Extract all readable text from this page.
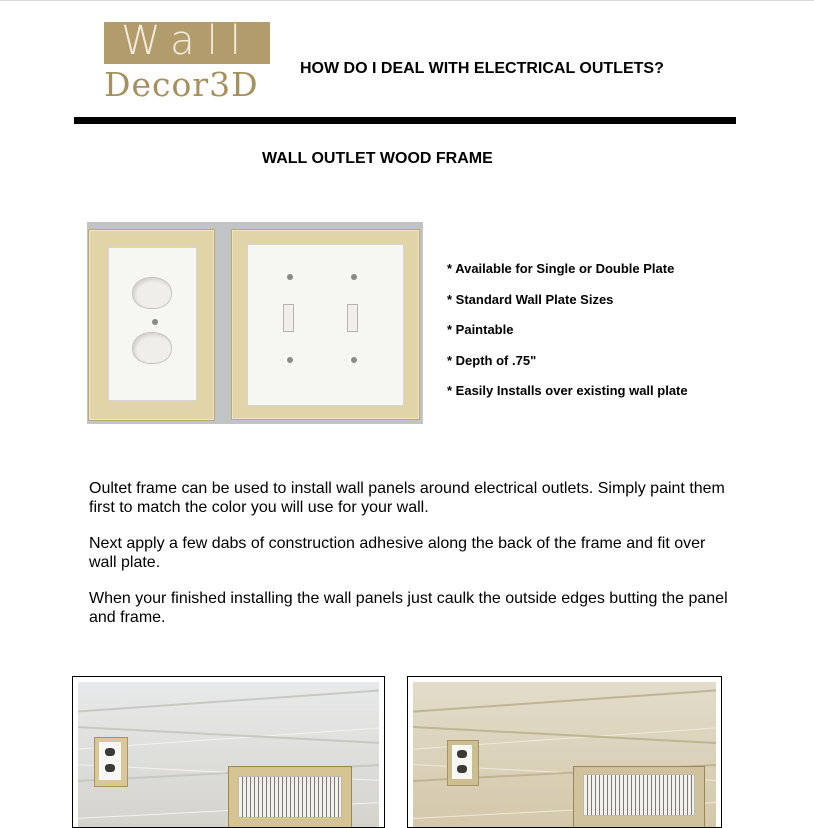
Wall
Decor3D	HOW DO I DEAL WITH ELECTRICAL OUTLETS?
WALL OUTLET WOOD FRAME
* Available for Single or Double Plate
* Standard Wall Plate Sizes
* Paintable
* Depth of .75"
* Easily Installs over existing wall plate

Oultet frame can be used to install wall panels around electrical outlets. Simply paint them first to match the color you will use for your wall.

Next apply a few dabs of construction adhesive along the back of the frame and fit over wall plate.

When your finished installing the wall panels just caulk the outside edges butting the panel and frame.
